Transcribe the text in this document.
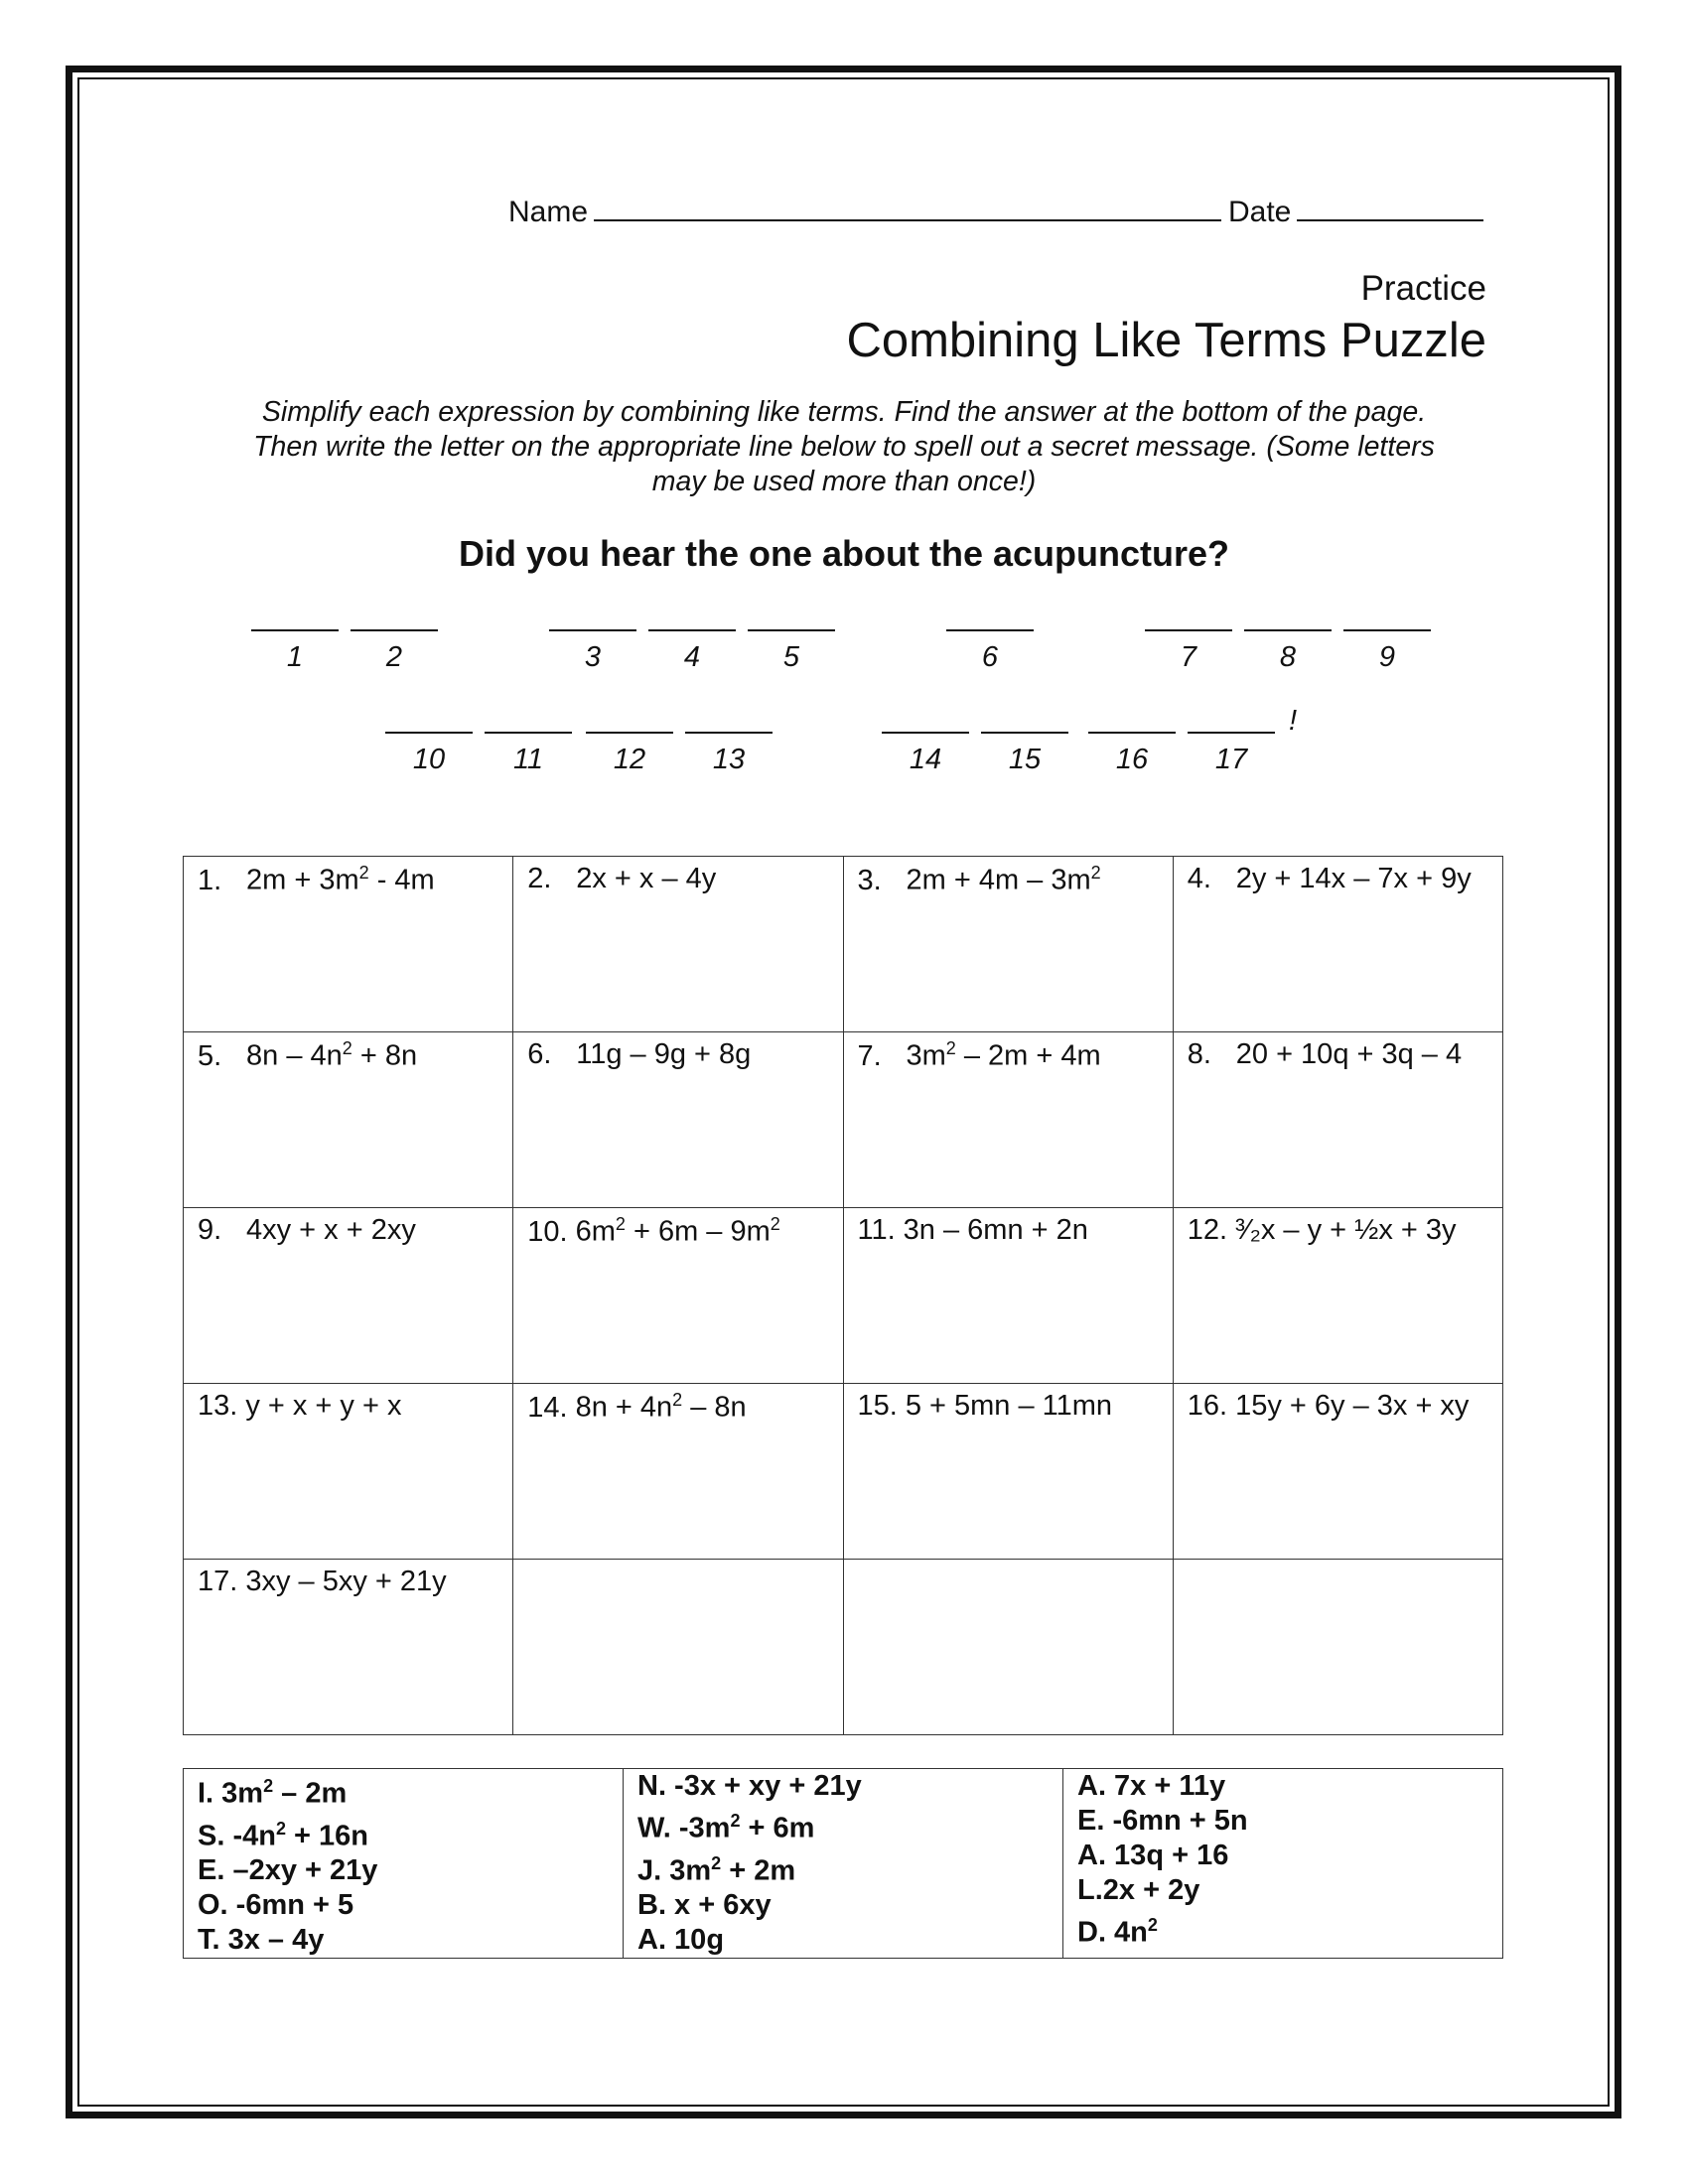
Name	Date
Practice
Combining Like Terms Puzzle
Simplify each expression by combining like terms. Find the answer at the bottom of the page.
Then write the letter on the appropriate line below to spell out a secret message. (Some letters
may be used more than once!)
Did you hear the one about the acupuncture?
1	2	3	4	5	6	7	8	9
10	11	12	13	14	15	16	17
!
1. $2m + 3m^2 - 4m$	2. 2x + x – 4y	3. $2m + 4m - 3m^2$	4. 2y + 14x – 7x + 9y
5. $8n - 4n^2 + 8n$	6. 11g – 9g + 8g	7. $3m^2 - 2m + 4m$	8. 20 + 10q + 3q – 4
9. 4xy + x + 2xy	10. $6m^2 + 6m - 9m^2$	11. 3n – 6mn + 2n	12. ³⁄₂x – y + ½x + 3y
13. y + x + y + x	14. $8n + 4n^2 - 8n$	15. 5 + 5mn – 11mn	16. 15y + 6y – 3x + xy
17. 3xy – 5xy + 21y			
I. $3m^2 - 2m$
S. $-4n^2 + 16n$
E. –2xy + 21y
O. -6mn + 5
T. 3x – 4y

N. -3x + xy + 21y
W. $-3m^2 + 6m$
J. $3m^2 + 2m$
B. x + 6xy
A. 10g

A. 7x + 11y
E. -6mn + 5n
A. 13q + 16
L.2x + 2y
D. $4n^2$
